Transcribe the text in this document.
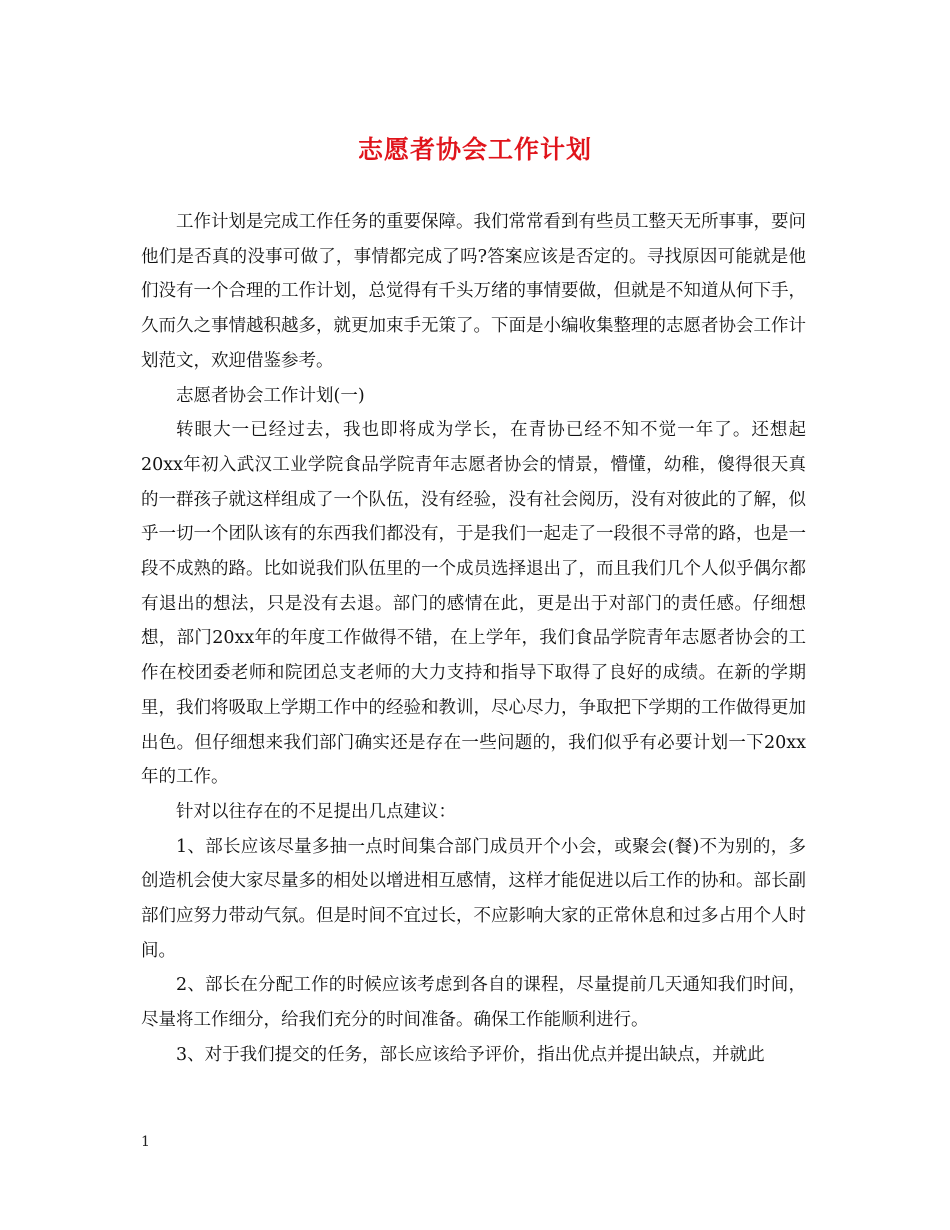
志愿者协会工作计划

工作计划是完成工作任务的重要保障。我们常常看到有些员工整天无所事事，要问他们是否真的没事可做了，事情都完成了吗?答案应该是否定的。寻找原因可能就是他们没有一个合理的工作计划，总觉得有千头万绪的事情要做，但就是不知道从何下手，久而久之事情越积越多，就更加束手无策了。下面是小编收集整理的志愿者协会工作计划范文，欢迎借鉴参考。

志愿者协会工作计划(一)

转眼大一已经过去，我也即将成为学长，在青协已经不知不觉一年了。还想起20xx年初入武汉工业学院食品学院青年志愿者协会的情景，懵懂，幼稚，傻得很天真的一群孩子就这样组成了一个队伍，没有经验，没有社会阅历，没有对彼此的了解，似乎一切一个团队该有的东西我们都没有，于是我们一起走了一段很不寻常的路，也是一段不成熟的路。比如说我们队伍里的一个成员选择退出了，而且我们几个人似乎偶尔都有退出的想法，只是没有去退。部门的感情在此，更是出于对部门的责任感。仔细想想，部门20xx年的年度工作做得不错，在上学年，我们食品学院青年志愿者协会的工作在校团委老师和院团总支老师的大力支持和指导下取得了良好的成绩。在新的学期里，我们将吸取上学期工作中的经验和教训，尽心尽力，争取把下学期的工作做得更加出色。但仔细想来我们部门确实还是存在一些问题的，我们似乎有必要计划一下20xx年的工作。

针对以往存在的不足提出几点建议：

1、部长应该尽量多抽一点时间集合部门成员开个小会，或聚会(餐)不为别的，多创造机会使大家尽量多的相处以增进相互感情，这样才能促进以后工作的协和。部长副部们应努力带动气氛。但是时间不宜过长，不应影响大家的正常休息和过多占用个人时间。

2、部长在分配工作的时候应该考虑到各自的课程，尽量提前几天通知我们时间，尽量将工作细分，给我们充分的时间准备。确保工作能顺利进行。

3、对于我们提交的任务，部长应该给予评价，指出优点并提出缺点，并就此

1
